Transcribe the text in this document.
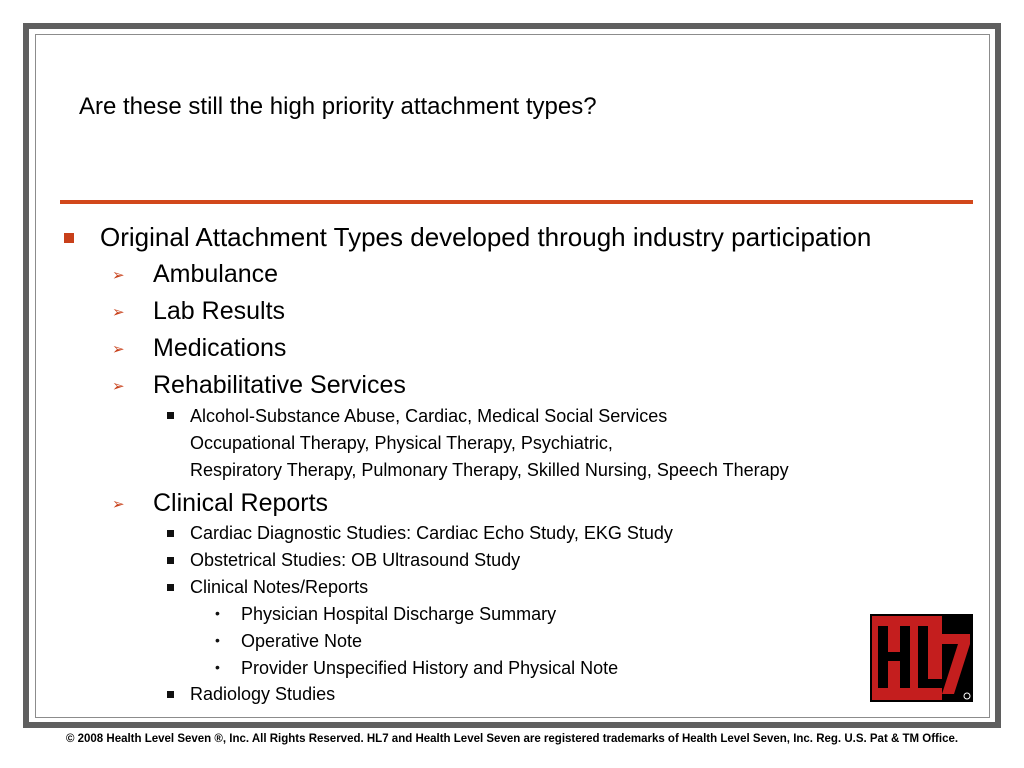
Are these still the high priority attachment types?
Original Attachment Types developed through industry participation
➢ Ambulance
➢ Lab Results
➢ Medications
➢ Rehabilitative Services
Alcohol-Substance Abuse, Cardiac, Medical Social Services
Occupational Therapy, Physical Therapy, Psychiatric,
Respiratory Therapy, Pulmonary Therapy, Skilled Nursing, Speech Therapy
➢ Clinical Reports
Cardiac Diagnostic Studies: Cardiac Echo Study, EKG Study
Obstetrical Studies: OB Ultrasound Study
Clinical Notes/Reports
• Physician Hospital Discharge Summary
• Operative Note
• Provider Unspecified History and Physical Note
Radiology Studies
© 2008 Health Level Seven ®, Inc. All Rights Reserved. HL7 and Health Level Seven are registered trademarks of Health Level Seven, Inc. Reg. U.S. Pat & TM Office.
